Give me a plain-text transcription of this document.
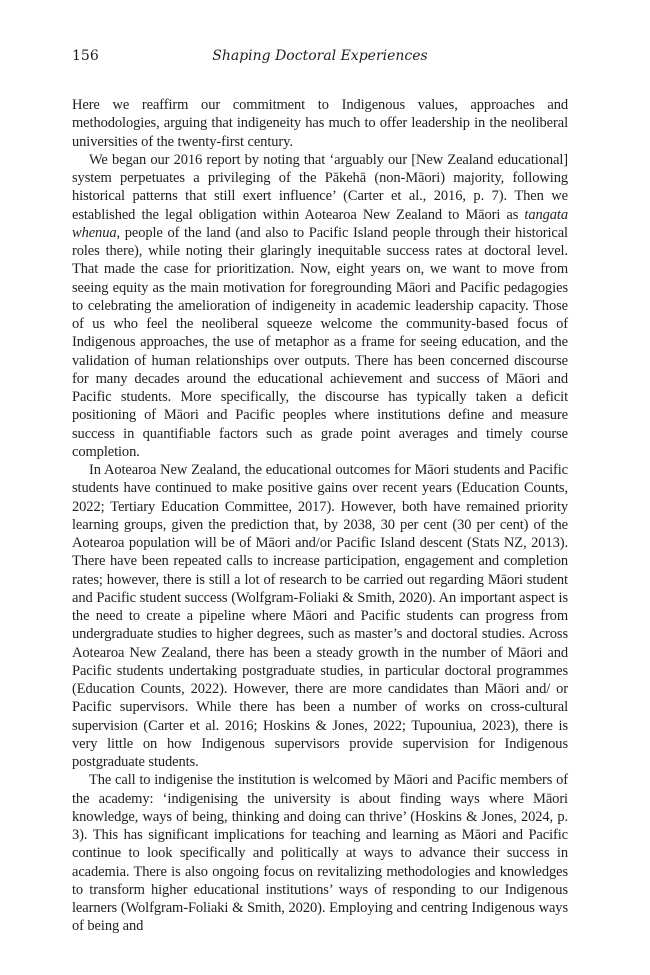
156	Shaping Doctoral Experiences

Here we reaffirm our commitment to Indigenous values, approaches and methodologies, arguing that indigeneity has much to offer leadership in the neoliberal universities of the twenty-first century.

We began our 2016 report by noting that ‘arguably our [New Zealand educational] system perpetuates a privileging of the Pākehā (non-Māori) majority, following historical patterns that still exert influence’ (Carter et al., 2016, p. 7). Then we established the legal obligation within Aotearoa New Zealand to Māori as tangata whenua, people of the land (and also to Pacific Island people through their historical roles there), while noting their glaringly inequitable success rates at doctoral level. That made the case for prioritization. Now, eight years on, we want to move from seeing equity as the main motivation for foregrounding Māori and Pacific pedagogies to celebrating the amelioration of indigeneity in academic leadership capacity. Those of us who feel the neoliberal squeeze welcome the community-based focus of Indigenous approaches, the use of metaphor as a frame for seeing education, and the validation of human relationships over outputs. There has been concerned discourse for many decades around the educational achievement and success of Māori and Pacific students. More specifically, the discourse has typically taken a deficit positioning of Māori and Pacific peoples where institutions define and measure success in quantifiable factors such as grade point averages and timely course completion.

In Aotearoa New Zealand, the educational outcomes for Māori students and Pacific students have continued to make positive gains over recent years (Education Counts, 2022; Tertiary Education Committee, 2017). However, both have remained priority learning groups, given the prediction that, by 2038, 30 per cent (30 per cent) of the Aotearoa population will be of Māori and/or Pacific Island descent (Stats NZ, 2013). There have been repeated calls to increase participation, engagement and completion rates; however, there is still a lot of research to be carried out regarding Māori student and Pacific student success (Wolfgram-Foliaki & Smith, 2020). An important aspect is the need to create a pipeline where Māori and Pacific students can progress from undergraduate studies to higher degrees, such as master’s and doctoral studies. Across Aotearoa New Zealand, there has been a steady growth in the number of Māori and Pacific students undertaking postgraduate studies, in particular doctoral programmes (Education Counts, 2022). However, there are more candidates than Māori and/ or Pacific supervisors. While there has been a number of works on cross-cultural supervision (Carter et al. 2016; Hoskins & Jones, 2022; Tupouniua, 2023), there is very little on how Indigenous supervisors provide supervision for Indigenous postgraduate students.

The call to indigenise the institution is welcomed by Māori and Pacific members of the academy: ‘indigenising the university is about finding ways where Māori knowledge, ways of being, thinking and doing can thrive’ (Hoskins & Jones, 2024, p. 3). This has significant implications for teaching and learning as Māori and Pacific continue to look specifically and politically at ways to advance their success in academia. There is also ongoing focus on revitalizing methodologies and knowledges to transform higher educational institutions’ ways of responding to our Indigenous learners (Wolfgram-Foliaki & Smith, 2020). Employing and centring Indigenous ways of being and
